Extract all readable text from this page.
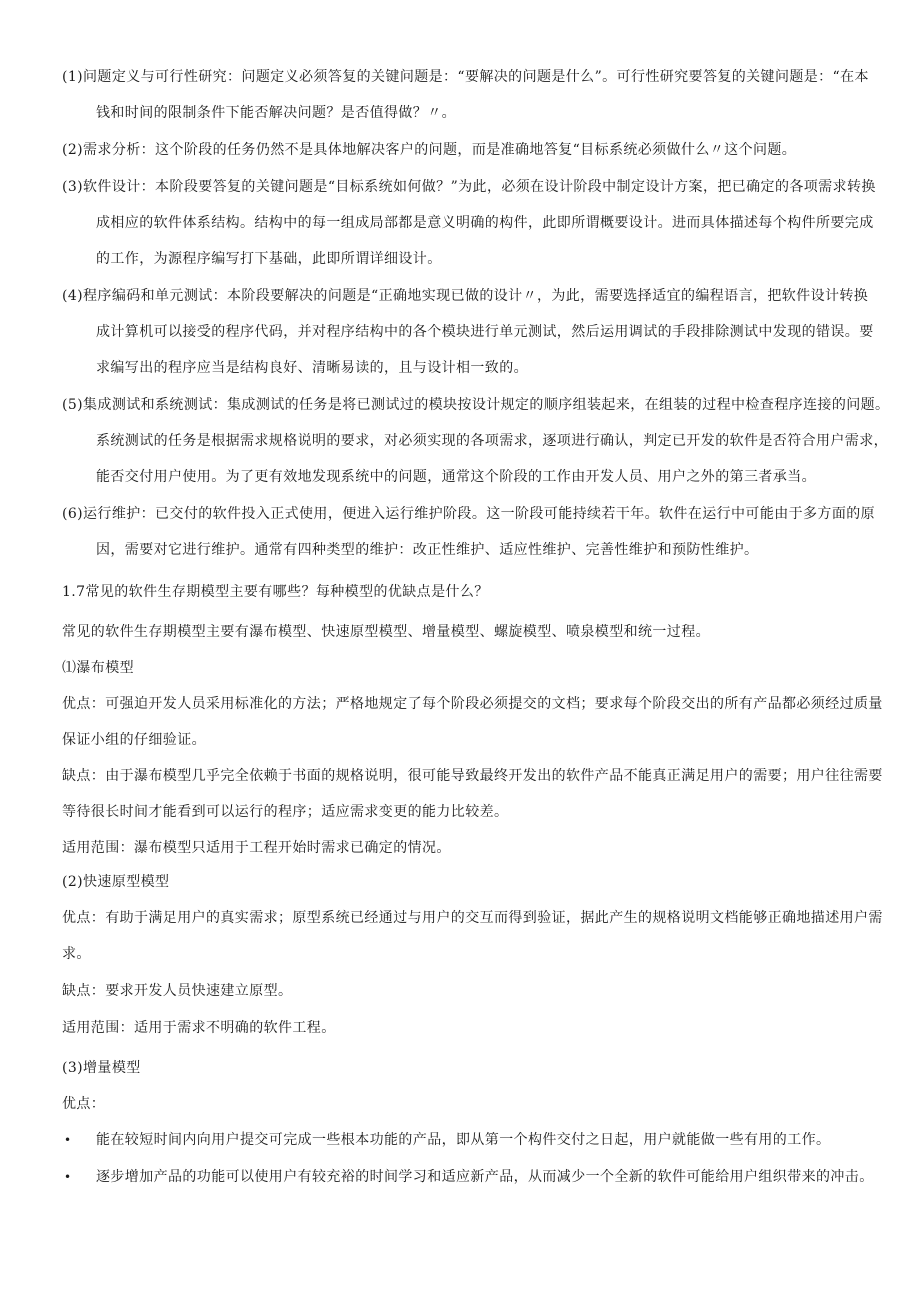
(1)问题定义与可行性研究：问题定义必须答复的关键问题是：“要解决的问题是什么”。可行性研究要答复的关键问题是：“在本
钱和时间的限制条件下能否解决问题？是否值得做？〃。
(2)需求分析：这个阶段的任务仍然不是具体地解决客户的问题，而是准确地答复“目标系统必须做什么〃这个问题。
(3)软件设计：本阶段要答复的关键问题是“目标系统如何做？”为此，必须在设计阶段中制定设计方案，把已确定的各项需求转换
成相应的软件体系结构。结构中的每一组成局部都是意义明确的构件，此即所谓概要设计。进而具体描述每个构件所要完成
的工作，为源程序编写打下基础，此即所谓详细设计。
(4)程序编码和单元测试：本阶段要解决的问题是“正确地实现已做的设计〃，为此，需要选择适宜的编程语言，把软件设计转换
成计算机可以接受的程序代码，并对程序结构中的各个模块进行单元测试，然后运用调试的手段排除测试中发现的错误。要
求编写出的程序应当是结构良好、清晰易读的，且与设计相一致的。
(5)集成测试和系统测试：集成测试的任务是将已测试过的模块按设计规定的顺序组装起来，在组装的过程中检查程序连接的问题。
系统测试的任务是根据需求规格说明的要求，对必须实现的各项需求，逐项进行确认，判定已开发的软件是否符合用户需求，
能否交付用户使用。为了更有效地发现系统中的问题，通常这个阶段的工作由开发人员、用户之外的第三者承当。
(6)运行维护：已交付的软件投入正式使用，便进入运行维护阶段。这一阶段可能持续若干年。软件在运行中可能由于多方面的原
因，需要对它进行维护。通常有四种类型的维护：改正性维护、适应性维护、完善性维护和预防性维护。
1.7常见的软件生存期模型主要有哪些？每种模型的优缺点是什么？
常见的软件生存期模型主要有瀑布模型、快速原型模型、增量模型、螺旋模型、喷泉模型和统一过程。
⑴瀑布模型
优点：可强迫开发人员采用标准化的方法；严格地规定了每个阶段必须提交的文档；要求每个阶段交出的所有产品都必须经过质量
保证小组的仔细验证。
缺点：由于瀑布模型几乎完全依赖于书面的规格说明，很可能导致最终开发出的软件产品不能真正满足用户的需要；用户往往需要
等待很长时间才能看到可以运行的程序；适应需求变更的能力比较差。
适用范围：瀑布模型只适用于工程开始时需求已确定的情况。
(2)快速原型模型
优点：有助于满足用户的真实需求；原型系统已经通过与用户的交互而得到验证，据此产生的规格说明文档能够正确地描述用户需
求。
缺点：要求开发人员快速建立原型。
适用范围：适用于需求不明确的软件工程。
(3)增量模型
优点：
• 能在较短时间内向用户提交可完成一些根本功能的产品，即从第一个构件交付之日起，用户就能做一些有用的工作。
• 逐步增加产品的功能可以使用户有较充裕的时间学习和适应新产品，从而减少一个全新的软件可能给用户组织带来的冲击。
